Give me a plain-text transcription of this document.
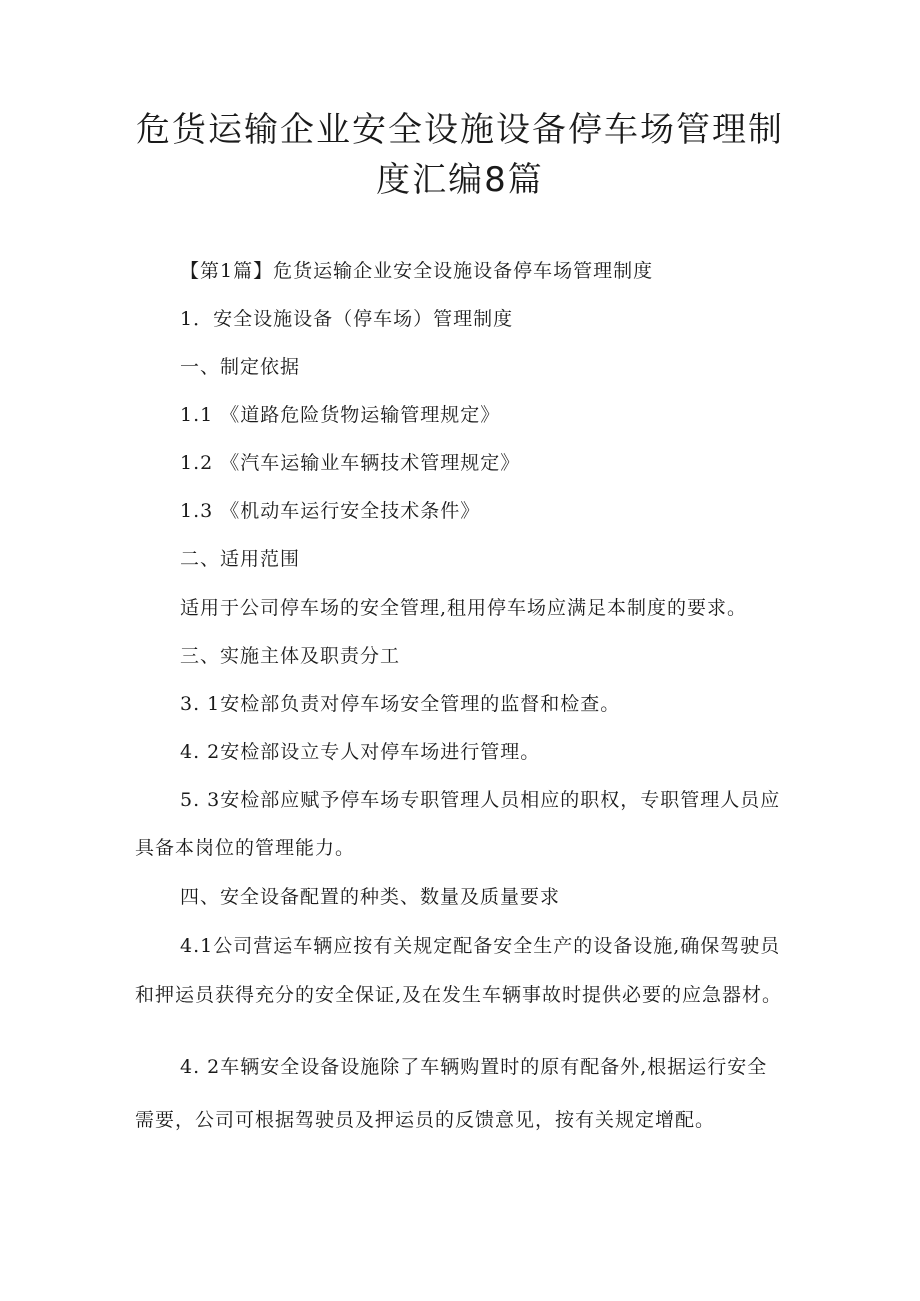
危货运输企业安全设施设备停车场管理制
度汇编8篇
【第1篇】危货运输企业安全设施设备停车场管理制度
1．安全设施设备（停车场）管理制度
一、制定依据
1.1 《道路危险货物运输管理规定》
1.2 《汽车运输业车辆技术管理规定》
1.3 《机动车运行安全技术条件》
二、适用范围
适用于公司停车场的安全管理,租用停车场应满足本制度的要求。
三、实施主体及职责分工
3. 1安检部负责对停车场安全管理的监督和检查。
4. 2安检部设立专人对停车场进行管理。
5. 3安检部应赋予停车场专职管理人员相应的职权，专职管理人员应
具备本岗位的管理能力。
四、安全设备配置的种类、数量及质量要求
4.1公司营运车辆应按有关规定配备安全生产的设备设施,确保驾驶员
和押运员获得充分的安全保证,及在发生车辆事故时提供必要的应急器材。
4. 2车辆安全设备设施除了车辆购置时的原有配备外,根据运行安全
需要，公司可根据驾驶员及押运员的反馈意见，按有关规定增配。
